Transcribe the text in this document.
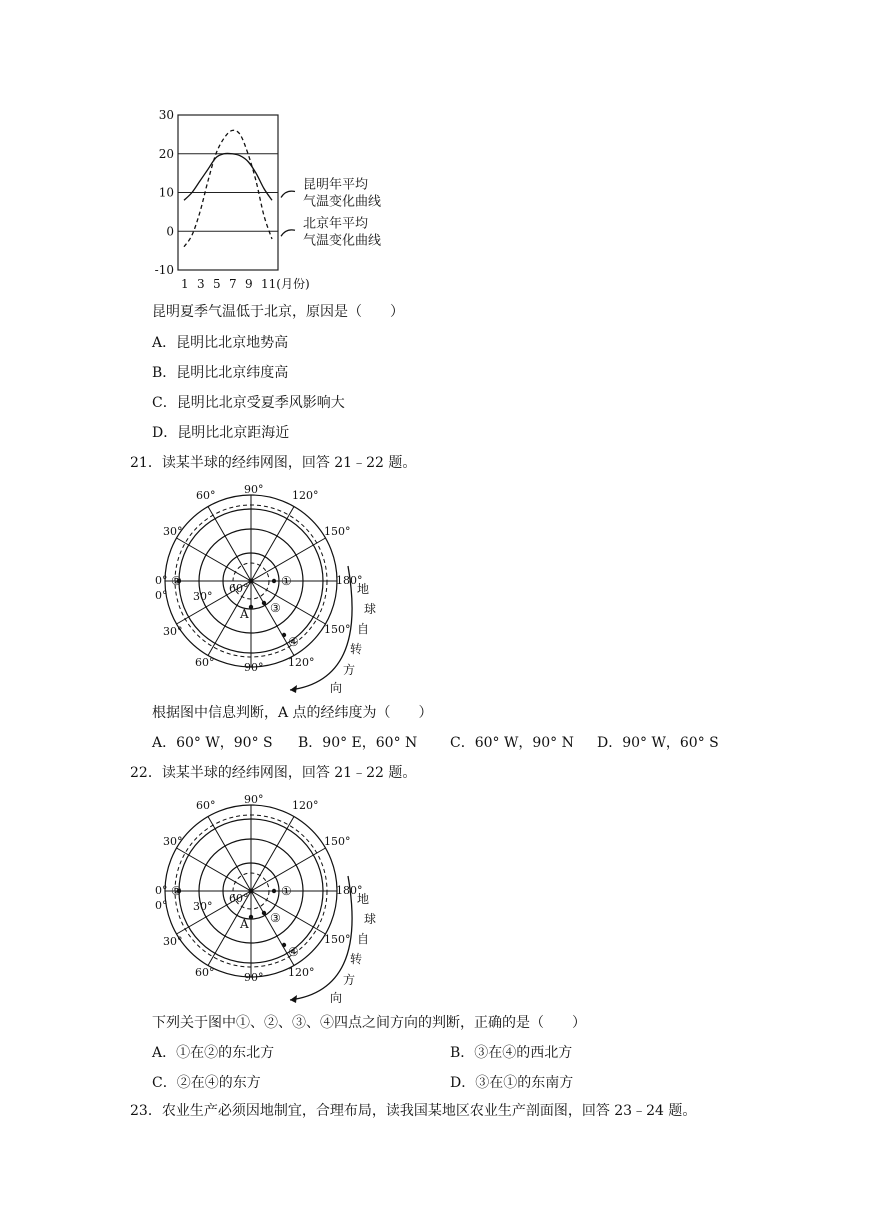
30
20
10
0
-10
1 3 5 7 9 11(月份)
昆明年平均
气温变化曲线
北京年平均
气温变化曲线
昆明夏季气温低于北京，原因是（　　）
A．昆明比北京地势高
B．昆明比北京纬度高
C．昆明比北京受夏季风影响大
D．昆明比北京距海近
21．读某半球的经纬网图，回答 21﹣22 题。
90°	120°
150°
180°
150°
120°
90°
60°
30°
0°
0°
30°
60°
60°
30°
①
②
③
④
A
地
球
自
转
方
向
根据图中信息判断，A 点的经纬度为（　　）
A．60° W，90° S B．90° E，60° N C．60° W，90° N D．90° W，60° S
22．读某半球的经纬网图，回答 21﹣22 题。
90°	120°
150°
180°
150°
120°
90°
60°
30°
0°
0°
30°
60°
60°
30°
①
②
③
④
A
地
球
自
转
方
向
下列关于图中①、②、③、④四点之间方向的判断，正确的是（　　）
A．①在②的东北方	B．③在④的西北方
C．②在④的东方	D．③在①的东南方
23．农业生产必须因地制宜，合理布局，读我国某地区农业生产剖面图，回答 23﹣24 题。
